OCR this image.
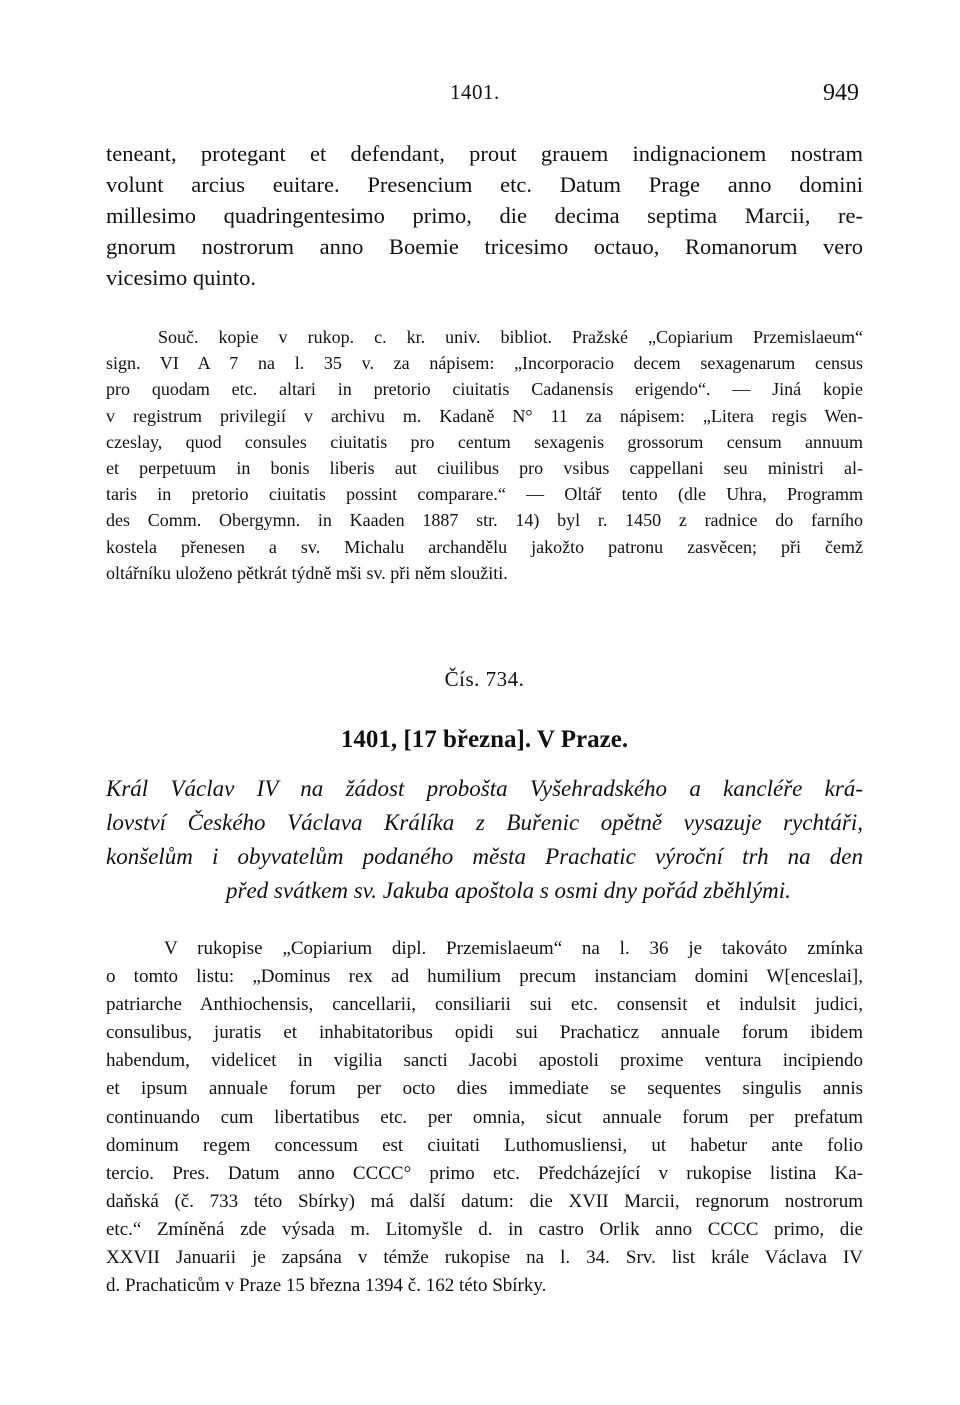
1401.	949
teneant, protegant et defendant, prout grauem indignacionem nostram
volunt arcius euitare. Presencium etc. Datum Prage anno domini
millesimo quadringentesimo primo, die decima septima Marcii, re-
gnorum nostrorum anno Boemie tricesimo octauo, Romanorum vero
vicesimo quinto.
Souč. kopie v rukop. c. kr. univ. bibliot. Pražské „Copiarium Przemislaeum“
sign. VI A 7 na l. 35 v. za nápisem: „Incorporacio decem sexagenarum census
pro quodam etc. altari in pretorio ciuitatis Cadanensis erigendo“. — Jiná kopie
v registrum privilegií v archivu m. Kadaně N° 11 za nápisem: „Litera regis Wen-
czeslay, quod consules ciuitatis pro centum sexagenis grossorum censum annuum
et perpetuum in bonis liberis aut ciuilibus pro vsibus cappellani seu ministri al-
taris in pretorio ciuitatis possint comparare.“ — Oltář tento (dle Uhra, Programm
des Comm. Obergymn. in Kaaden 1887 str. 14) byl r. 1450 z radnice do farního
kostela přenesen a sv. Michalu archandělu jakožto patronu zasvěcen; při čemž
oltářníku uloženo pětkrát týdně mši sv. při něm sloužiti.
Čís. 734.
1401, [17 března]. V Praze.
Král Václav IV na žádost probošta Vyšehradského a kancléře krá-
lovství Českého Václava Králíka z Buřenic opětně vysazuje rychtáři,
konšelům i obyvatelům podaného města Prachatic výroční trh na den
před svátkem sv. Jakuba apoštola s osmi dny pořád zběhlými.
V rukopise „Copiarium dipl. Przemislaeum“ na l. 36 je takováto zmínka
o tomto listu: „Dominus rex ad humilium precum instanciam domini W[enceslai],
patriarche Anthiochensis, cancellarii, consiliarii sui etc. consensit et indulsit judici,
consulibus, juratis et inhabitatoribus opidi sui Prachaticz annuale forum ibidem
habendum, videlicet in vigilia sancti Jacobi apostoli proxime ventura incipiendo
et ipsum annuale forum per octo dies immediate se sequentes singulis annis
continuando cum libertatibus etc. per omnia, sicut annuale forum per prefatum
dominum regem concessum est ciuitati Luthomusliensi, ut habetur ante folio
tercio. Pres. Datum anno CCCC° primo etc. Předcházející v rukopise listina Ka-
daňská (č. 733 této Sbírky) má další datum: die XVII Marcii, regnorum nostrorum
etc.“ Zmíněná zde výsada m. Litomyšle d. in castro Orlik anno CCCC primo, die
XXVII Januarii je zapsána v témže rukopise na l. 34. Srv. list krále Václava IV
d. Prachaticům v Praze 15 března 1394 č. 162 této Sbírky.
